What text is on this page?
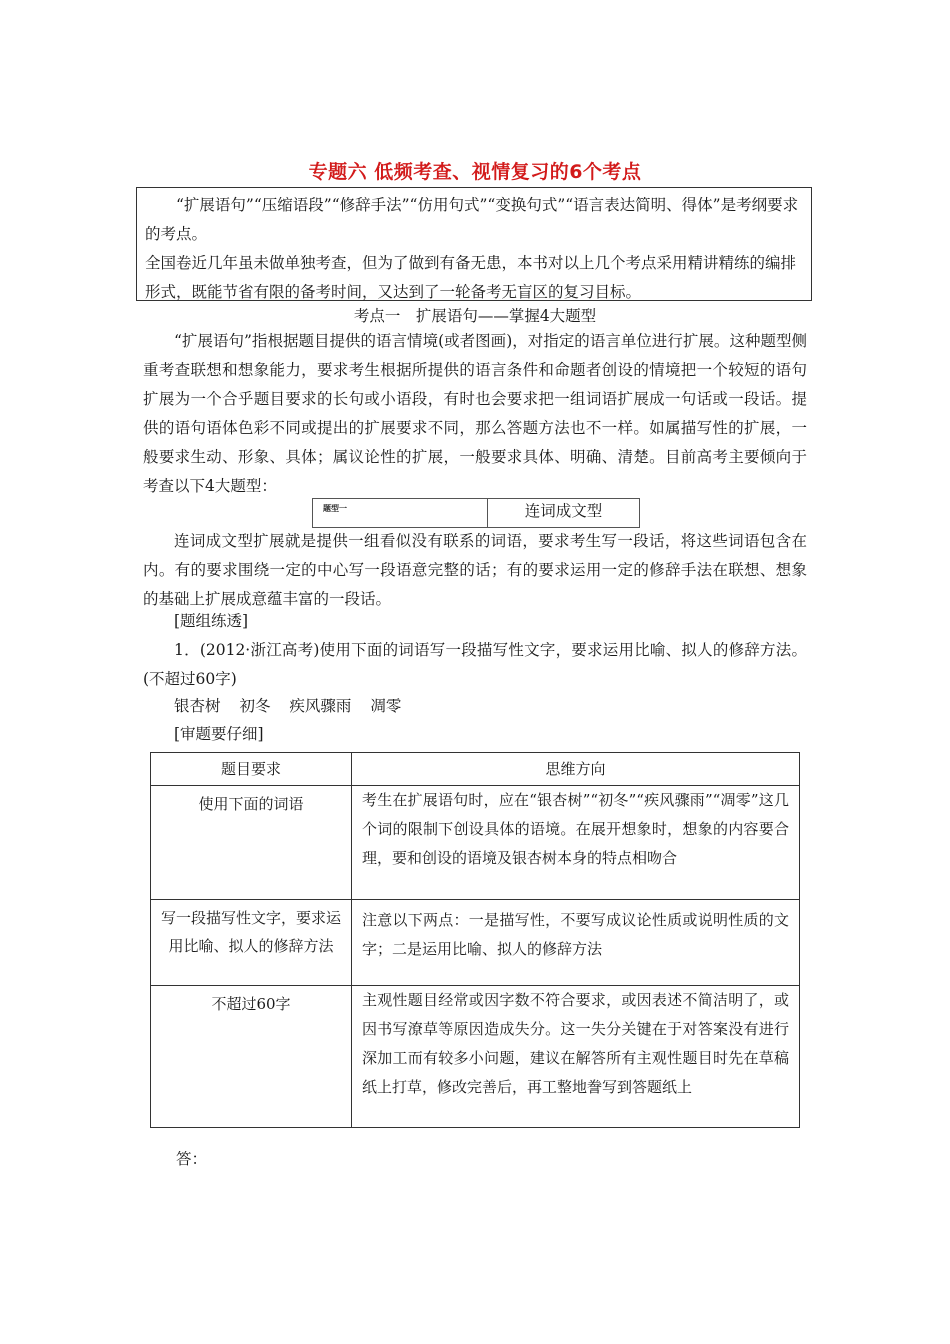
专题六 低频考查、视情复习的6个考点

“扩展语句”“压缩语段”“修辞手法”“仿用句式”“变换句式”“语言表达简明、得体”是考纲要求的考点。

全国卷近几年虽未做单独考查，但为了做到有备无患，本书对以上几个考点采用精讲精练的编排形式，既能节省有限的备考时间，又达到了一轮备考无盲区的复习目标。

考点一　扩展语句——掌握4大题型

“扩展语句”指根据题目提供的语言情境(或者图画)，对指定的语言单位进行扩展。这种题型侧重考查联想和想象能力，要求考生根据所提供的语言条件和命题者创设的情境把一个较短的语句扩展为一个合乎题目要求的长句或小语段，有时也会要求把一组词语扩展成一句话或一段话。提供的语句语体色彩不同或提出的扩展要求不同，那么答题方法也不一样。如属描写性的扩展，一般要求生动、形象、具体；属议论性的扩展，一般要求具体、明确、清楚。目前高考主要倾向于考查以下4大题型：

题型一	连词成文型

连词成文型扩展就是提供一组看似没有联系的词语，要求考生写一段话，将这些词语包含在内。有的要求围绕一定的中心写一段语意完整的话；有的要求运用一定的修辞手法在联想、想象的基础上扩展成意蕴丰富的一段话。

[题组练透]

1．(2012·浙江高考)使用下面的词语写一段描写性文字，要求运用比喻、拟人的修辞方法。(不超过60字)

银杏树 初冬 疾风骤雨 凋零

[审题要仔细]

题目要求	思维方向
使用下面的词语	考生在扩展语句时，应在“银杏树”“初冬”“疾风骤雨”“凋零”这几个词的限制下创设具体的语境。在展开想象时，想象的内容要合理，要和创设的语境及银杏树本身的特点相吻合
写一段描写性文字，要求运用比喻、拟人的修辞方法	注意以下两点：一是描写性，不要写成议论性质或说明性质的文字；二是运用比喻、拟人的修辞方法
不超过60字	主观性题目经常或因字数不符合要求，或因表述不简洁明了，或因书写潦草等原因造成失分。这一失分关键在于对答案没有进行深加工而有较多小问题，建议在解答所有主观性题目时先在草稿纸上打草，修改完善后，再工整地誊写到答题纸上
答：
